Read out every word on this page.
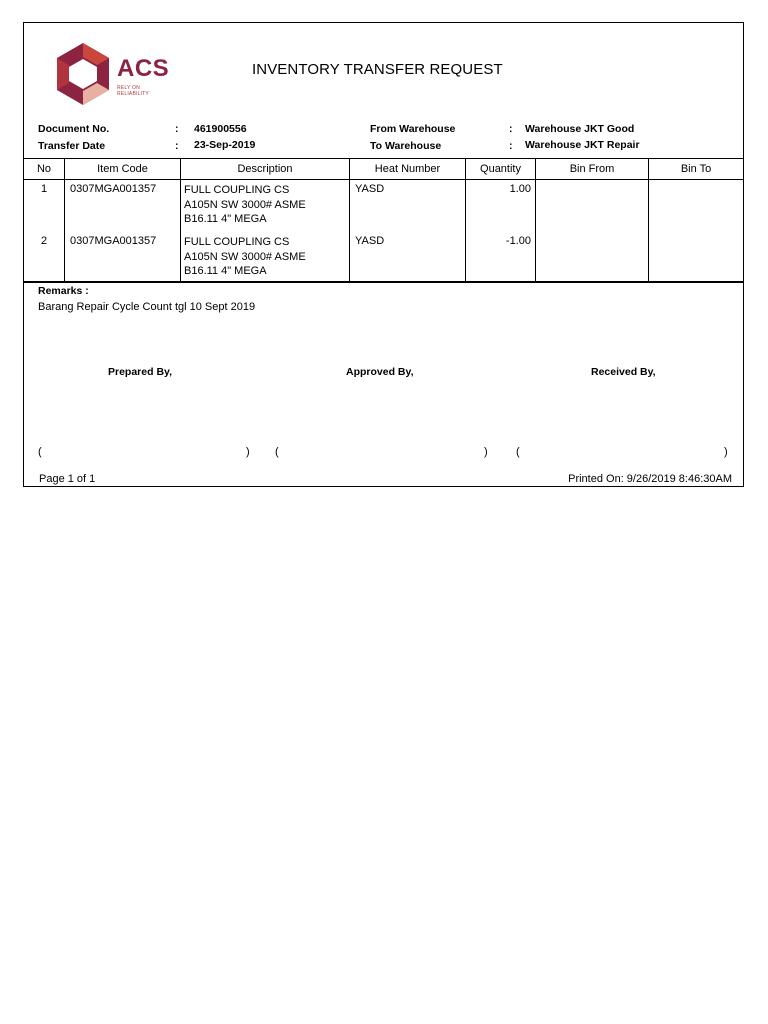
ACS
RELY ON RELIABILITY
INVENTORY TRANSFER REQUEST
Document No.	: 461900556
Transfer Date	: 23-Sep-2019
From Warehouse	: Warehouse JKT Good
To Warehouse	: Warehouse JKT Repair
No	Item Code	Description	Heat Number	Quantity	Bin From	Bin To
1	0307MGA001357	FULL COUPLING CS
A105N SW 3000# ASME
B16.11 4" MEGA	YASD	1.00		
2	0307MGA001357	FULL COUPLING CS
A105N SW 3000# ASME
B16.11 4" MEGA	YASD	-1.00		
Remarks :
Barang Repair Cycle Count tgl 10 Sept 2019
Prepared By,	Approved By,	Received By,
(	) (	)	(	)
Page 1 of 1	Printed On: 9/26/2019 8:46:30AM
